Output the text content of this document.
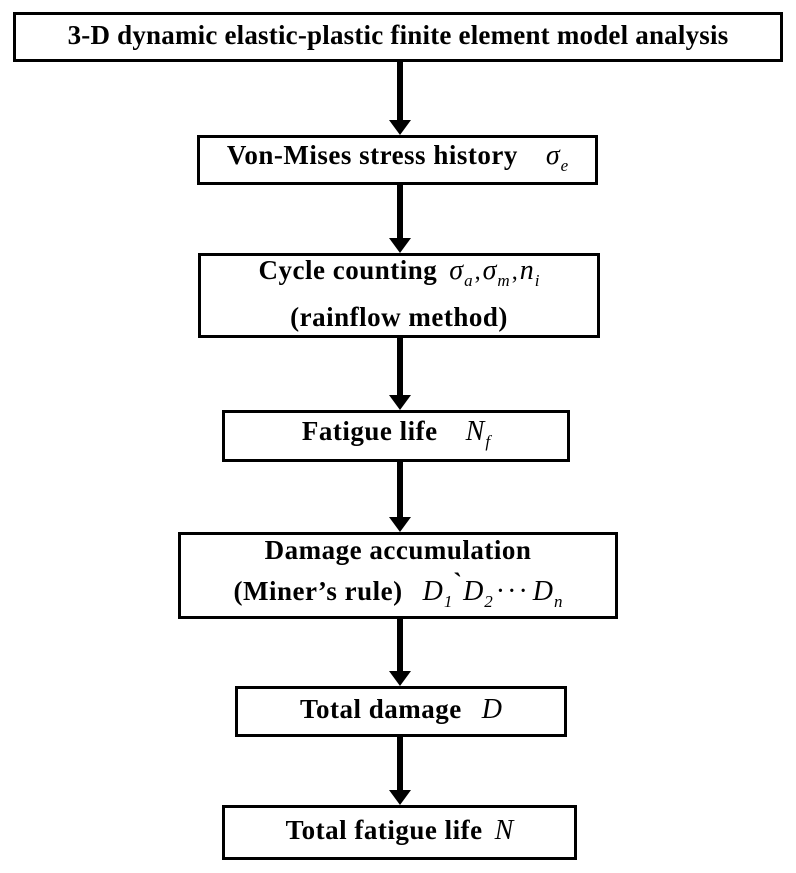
3-D dynamic elastic-plastic finite element model analysis
Von-Mises stress history $\sigma_e$
Cycle counting $\sigma_a,\sigma_m,n_i$
(rainflow method)
Fatigue life $N_f$
Damage accumulation
(Miner’s rule) $D_1`D_2$ ··· $D_n$
Total damage D
Total fatigue life N
